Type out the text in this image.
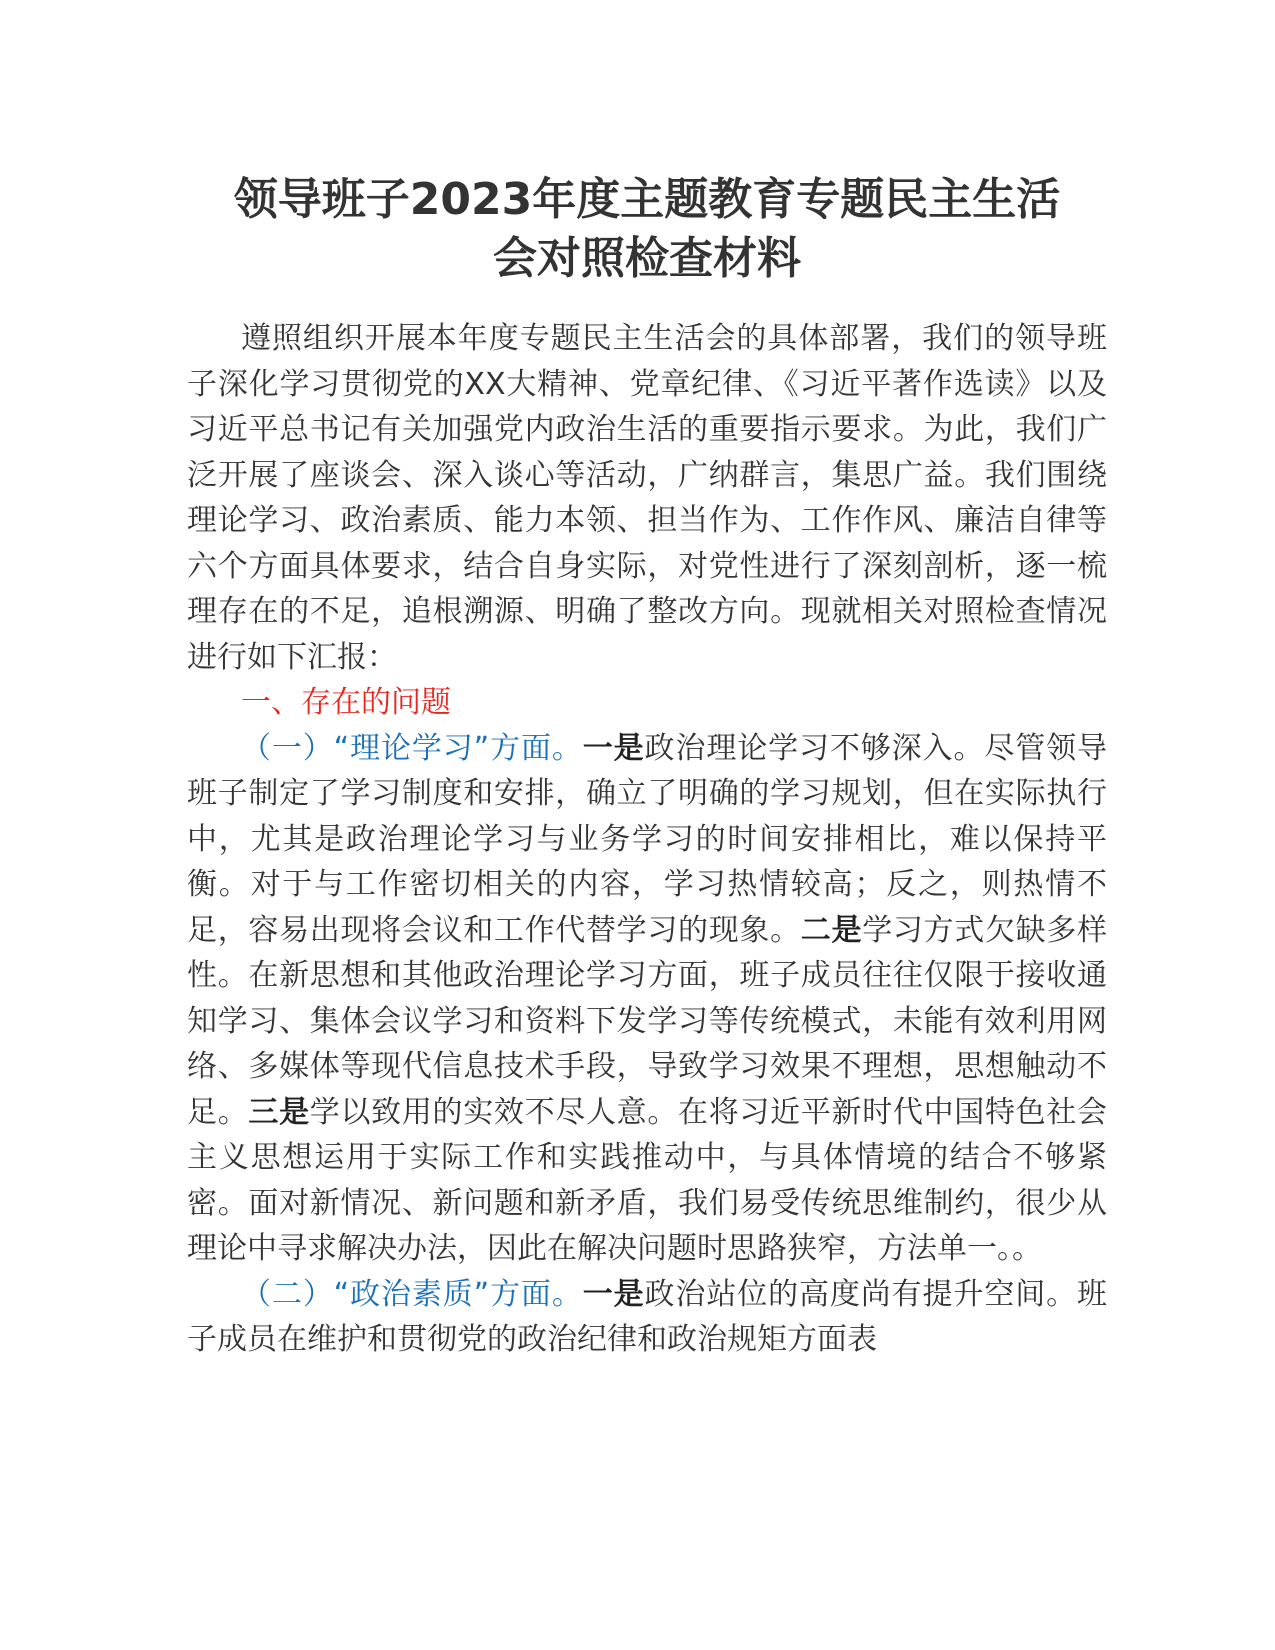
领导班子2023年度主题教育专题民主生活
会对照检查材料

遵照组织开展本年度专题民主生活会的具体部署，我们的领导班子深化学习贯彻党的XX大精神、党章纪律、《习近平著作选读》以及习近平总书记有关加强党内政治生活的重要指示要求。为此，我们广泛开展了座谈会、深入谈心等活动，广纳群言，集思广益。我们围绕理论学习、政治素质、能力本领、担当作为、工作作风、廉洁自律等六个方面具体要求，结合自身实际，对党性进行了深刻剖析，逐一梳理存在的不足，追根溯源、明确了整改方向。现就相关对照检查情况进行如下汇报：

一、存在的问题

（一）“理论学习”方面。一是政治理论学习不够深入。尽管领导班子制定了学习制度和安排，确立了明确的学习规划，但在实际执行中，尤其是政治理论学习与业务学习的时间安排相比，难以保持平衡。对于与工作密切相关的内容，学习热情较高；反之，则热情不足，容易出现将会议和工作代替学习的现象。二是学习方式欠缺多样性。在新思想和其他政治理论学习方面，班子成员往往仅限于接收通知学习、集体会议学习和资料下发学习等传统模式，未能有效利用网络、多媒体等现代信息技术手段，导致学习效果不理想，思想触动不足。三是学以致用的实效不尽人意。在将习近平新时代中国特色社会主义思想运用于实际工作和实践推动中，与具体情境的结合不够紧密。面对新情况、新问题和新矛盾，我们易受传统思维制约，很少从理论中寻求解决办法，因此在解决问题时思路狭窄，方法单一。。

（二）“政治素质”方面。一是政治站位的高度尚有提升空间。班子成员在维护和贯彻党的政治纪律和政治规矩方面表
